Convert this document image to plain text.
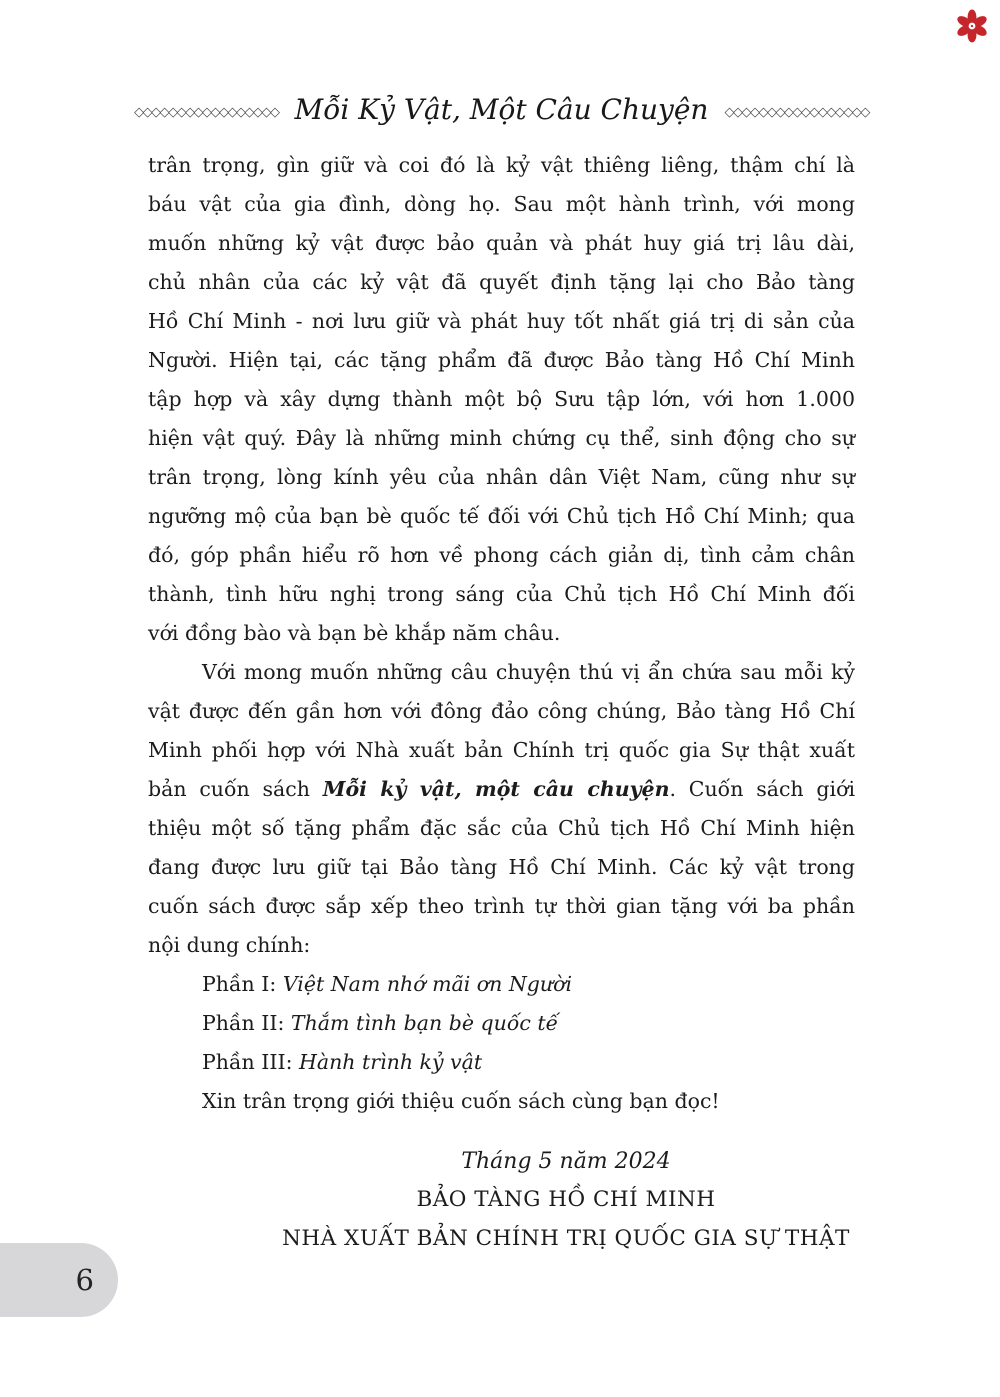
◇◇◇◇◇◇◇◇◇◇◇◇◇◇◇◇◇ Mỗi Kỷ Vật, Một Câu Chuyện ◇◇◇◇◇◇◇◇◇◇◇◇◇◇◇◇◇
trân trọng, gìn giữ và coi đó là kỷ vật thiêng liêng, thậm chí là
báu vật của gia đình, dòng họ. Sau một hành trình, với mong
muốn những kỷ vật được bảo quản và phát huy giá trị lâu dài,
chủ nhân của các kỷ vật đã quyết định tặng lại cho Bảo tàng
Hồ Chí Minh - nơi lưu giữ và phát huy tốt nhất giá trị di sản của
Người. Hiện tại, các tặng phẩm đã được Bảo tàng Hồ Chí Minh
tập hợp và xây dựng thành một bộ Sưu tập lớn, với hơn 1.000
hiện vật quý. Đây là những minh chứng cụ thể, sinh động cho sự
trân trọng, lòng kính yêu của nhân dân Việt Nam, cũng như sự
ngưỡng mộ của bạn bè quốc tế đối với Chủ tịch Hồ Chí Minh; qua
đó, góp phần hiểu rõ hơn về phong cách giản dị, tình cảm chân
thành, tình hữu nghị trong sáng của Chủ tịch Hồ Chí Minh đối
với đồng bào và bạn bè khắp năm châu.
Với mong muốn những câu chuyện thú vị ẩn chứa sau mỗi kỷ
vật được đến gần hơn với đông đảo công chúng, Bảo tàng Hồ Chí
Minh phối hợp với Nhà xuất bản Chính trị quốc gia Sự thật xuất
bản cuốn sách Mỗi kỷ vật, một câu chuyện. Cuốn sách giới
thiệu một số tặng phẩm đặc sắc của Chủ tịch Hồ Chí Minh hiện
đang được lưu giữ tại Bảo tàng Hồ Chí Minh. Các kỷ vật trong
cuốn sách được sắp xếp theo trình tự thời gian tặng với ba phần
nội dung chính:
Phần I: Việt Nam nhớ mãi ơn Người
Phần II: Thắm tình bạn bè quốc tế
Phần III: Hành trình kỷ vật
Xin trân trọng giới thiệu cuốn sách cùng bạn đọc!
Tháng 5 năm 2024
BẢO TÀNG HỒ CHÍ MINH
NHÀ XUẤT BẢN CHÍNH TRỊ QUỐC GIA SỰ THẬT
6
